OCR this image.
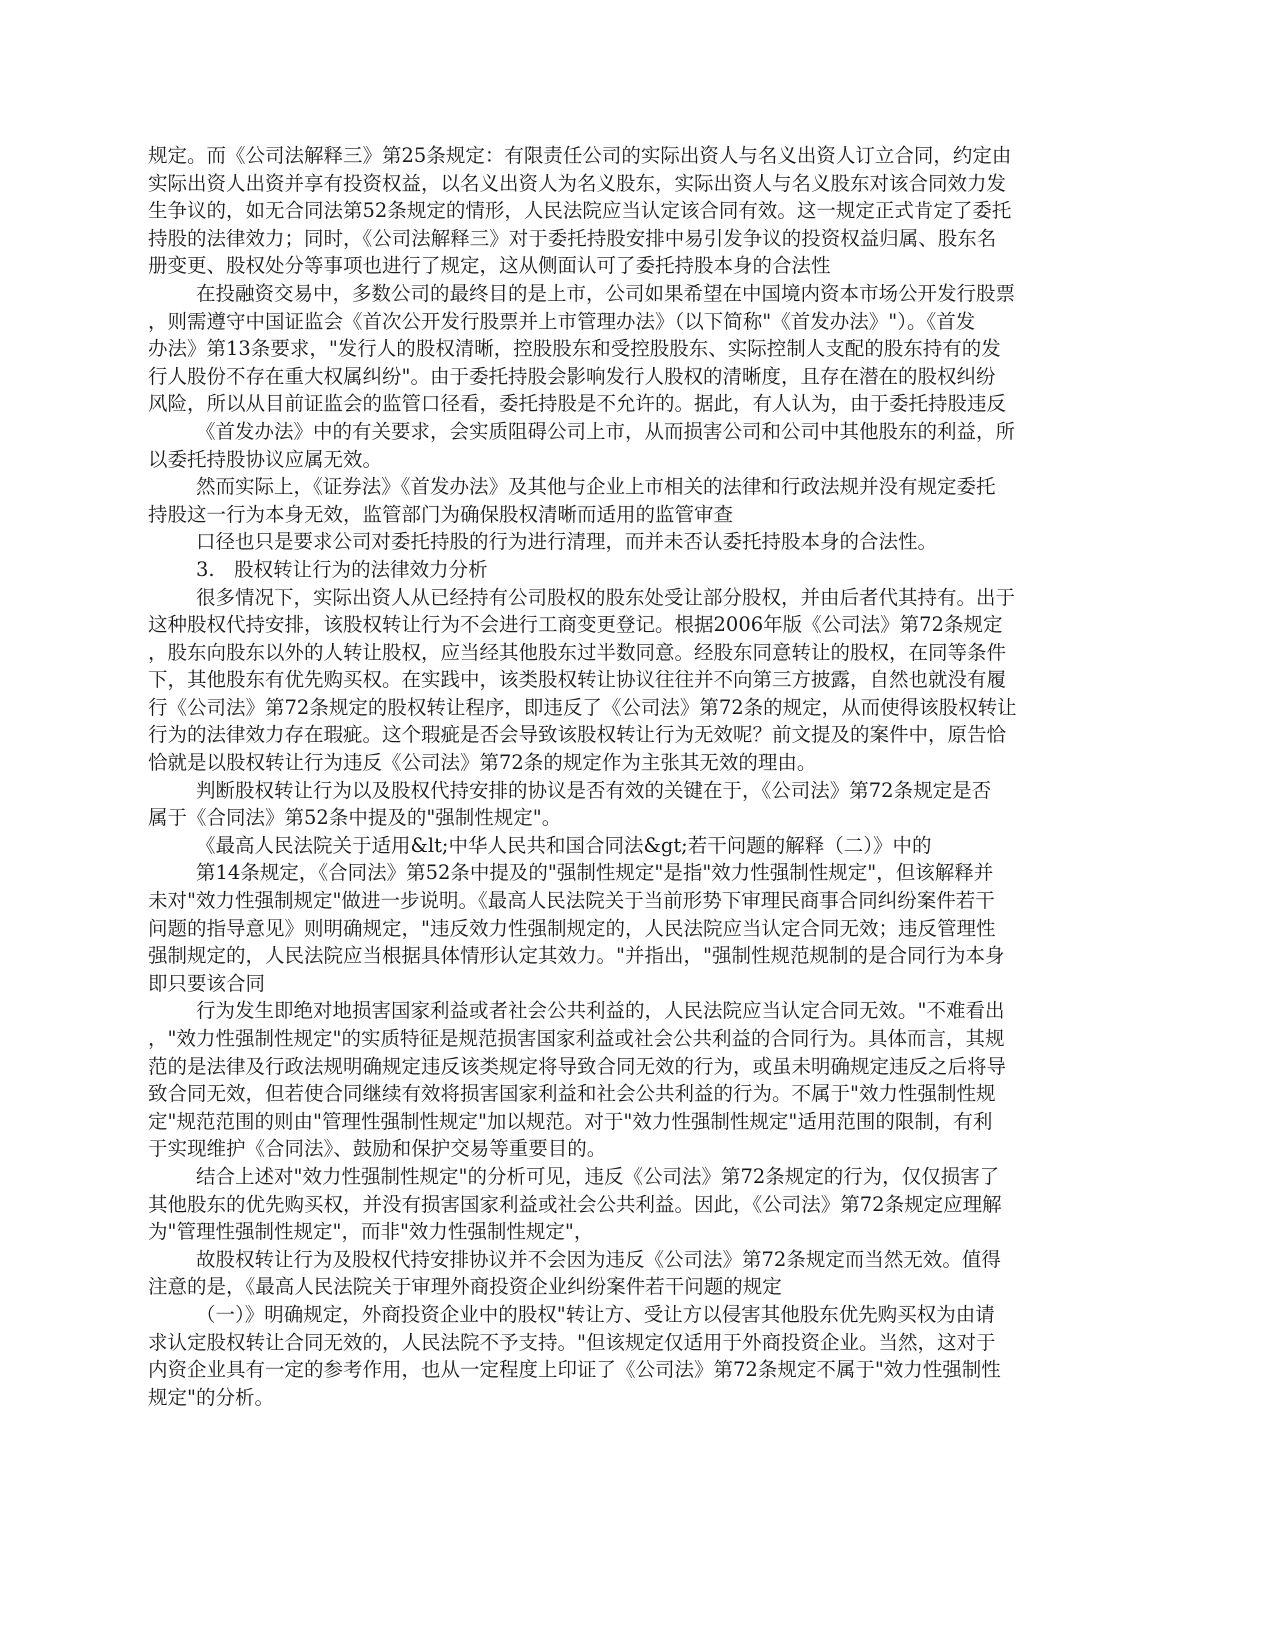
规定。而《公司法解释三》第25条规定：有限责任公司的实际出资人与名义出资人订立合同，约定由
实际出资人出资并享有投资权益，以名义出资人为名义股东，实际出资人与名义股东对该合同效力发
生争议的，如无合同法第52条规定的情形，人民法院应当认定该合同有效。这一规定正式肯定了委托
持股的法律效力；同时，《公司法解释三》对于委托持股安排中易引发争议的投资权益归属、股东名
册变更、股权处分等事项也进行了规定，这从侧面认可了委托持股本身的合法性
在投融资交易中，多数公司的最终目的是上市，公司如果希望在中国境内资本市场公开发行股票
，则需遵守中国证监会《首次公开发行股票并上市管理办法》（以下简称"《首发办法》"）。《首发
办法》第13条要求，"发行人的股权清晰，控股股东和受控股股东、实际控制人支配的股东持有的发
行人股份不存在重大权属纠纷"。由于委托持股会影响发行人股权的清晰度，且存在潜在的股权纠纷
风险，所以从目前证监会的监管口径看，委托持股是不允许的。据此，有人认为，由于委托持股违反
《首发办法》中的有关要求，会实质阻碍公司上市，从而损害公司和公司中其他股东的利益，所
以委托持股协议应属无效。
然而实际上，《证券法》《首发办法》及其他与企业上市相关的法律和行政法规并没有规定委托
持股这一行为本身无效，监管部门为确保股权清晰而适用的监管审查
口径也只是要求公司对委托持股的行为进行清理，而并未否认委托持股本身的合法性。
3.　股权转让行为的法律效力分析
很多情况下，实际出资人从已经持有公司股权的股东处受让部分股权，并由后者代其持有。出于
这种股权代持安排，该股权转让行为不会进行工商变更登记。根据2006年版《公司法》第72条规定
，股东向股东以外的人转让股权，应当经其他股东过半数同意。经股东同意转让的股权，在同等条件
下，其他股东有优先购买权。在实践中，该类股权转让协议往往并不向第三方披露，自然也就没有履
行《公司法》第72条规定的股权转让程序，即违反了《公司法》第72条的规定，从而使得该股权转让
行为的法律效力存在瑕疵。这个瑕疵是否会导致该股权转让行为无效呢？前文提及的案件中，原告恰
恰就是以股权转让行为违反《公司法》第72条的规定作为主张其无效的理由。
判断股权转让行为以及股权代持安排的协议是否有效的关键在于，《公司法》第72条规定是否
属于《合同法》第52条中提及的"强制性规定"。
《最高人民法院关于适用&lt;中华人民共和国合同法&gt;若干问题的解释（二）》中的
第14条规定，《合同法》第52条中提及的"强制性规定"是指"效力性强制性规定"，但该解释并
未对"效力性强制规定"做进一步说明。《最高人民法院关于当前形势下审理民商事合同纠纷案件若干
问题的指导意见》则明确规定，"违反效力性强制规定的，人民法院应当认定合同无效；违反管理性
强制规定的，人民法院应当根据具体情形认定其效力。"并指出，"强制性规范规制的是合同行为本身
即只要该合同
行为发生即绝对地损害国家利益或者社会公共利益的，人民法院应当认定合同无效。"不难看出
，"效力性强制性规定"的实质特征是规范损害国家利益或社会公共利益的合同行为。具体而言，其规
范的是法律及行政法规明确规定违反该类规定将导致合同无效的行为，或虽未明确规定违反之后将导
致合同无效，但若使合同继续有效将损害国家利益和社会公共利益的行为。不属于"效力性强制性规
定"规范范围的则由"管理性强制性规定"加以规范。对于"效力性强制性规定"适用范围的限制，有利
于实现维护《合同法》、鼓励和保护交易等重要目的。
结合上述对"效力性强制性规定"的分析可见，违反《公司法》第72条规定的行为，仅仅损害了
其他股东的优先购买权，并没有损害国家利益或社会公共利益。因此，《公司法》第72条规定应理解
为"管理性强制性规定"，而非"效力性强制性规定"，
故股权转让行为及股权代持安排协议并不会因为违反《公司法》第72条规定而当然无效。值得
注意的是，《最高人民法院关于审理外商投资企业纠纷案件若干问题的规定
（一）》明确规定，外商投资企业中的股权"转让方、受让方以侵害其他股东优先购买权为由请
求认定股权转让合同无效的，人民法院不予支持。"但该规定仅适用于外商投资企业。当然，这对于
内资企业具有一定的参考作用，也从一定程度上印证了《公司法》第72条规定不属于"效力性强制性
规定"的分析。
